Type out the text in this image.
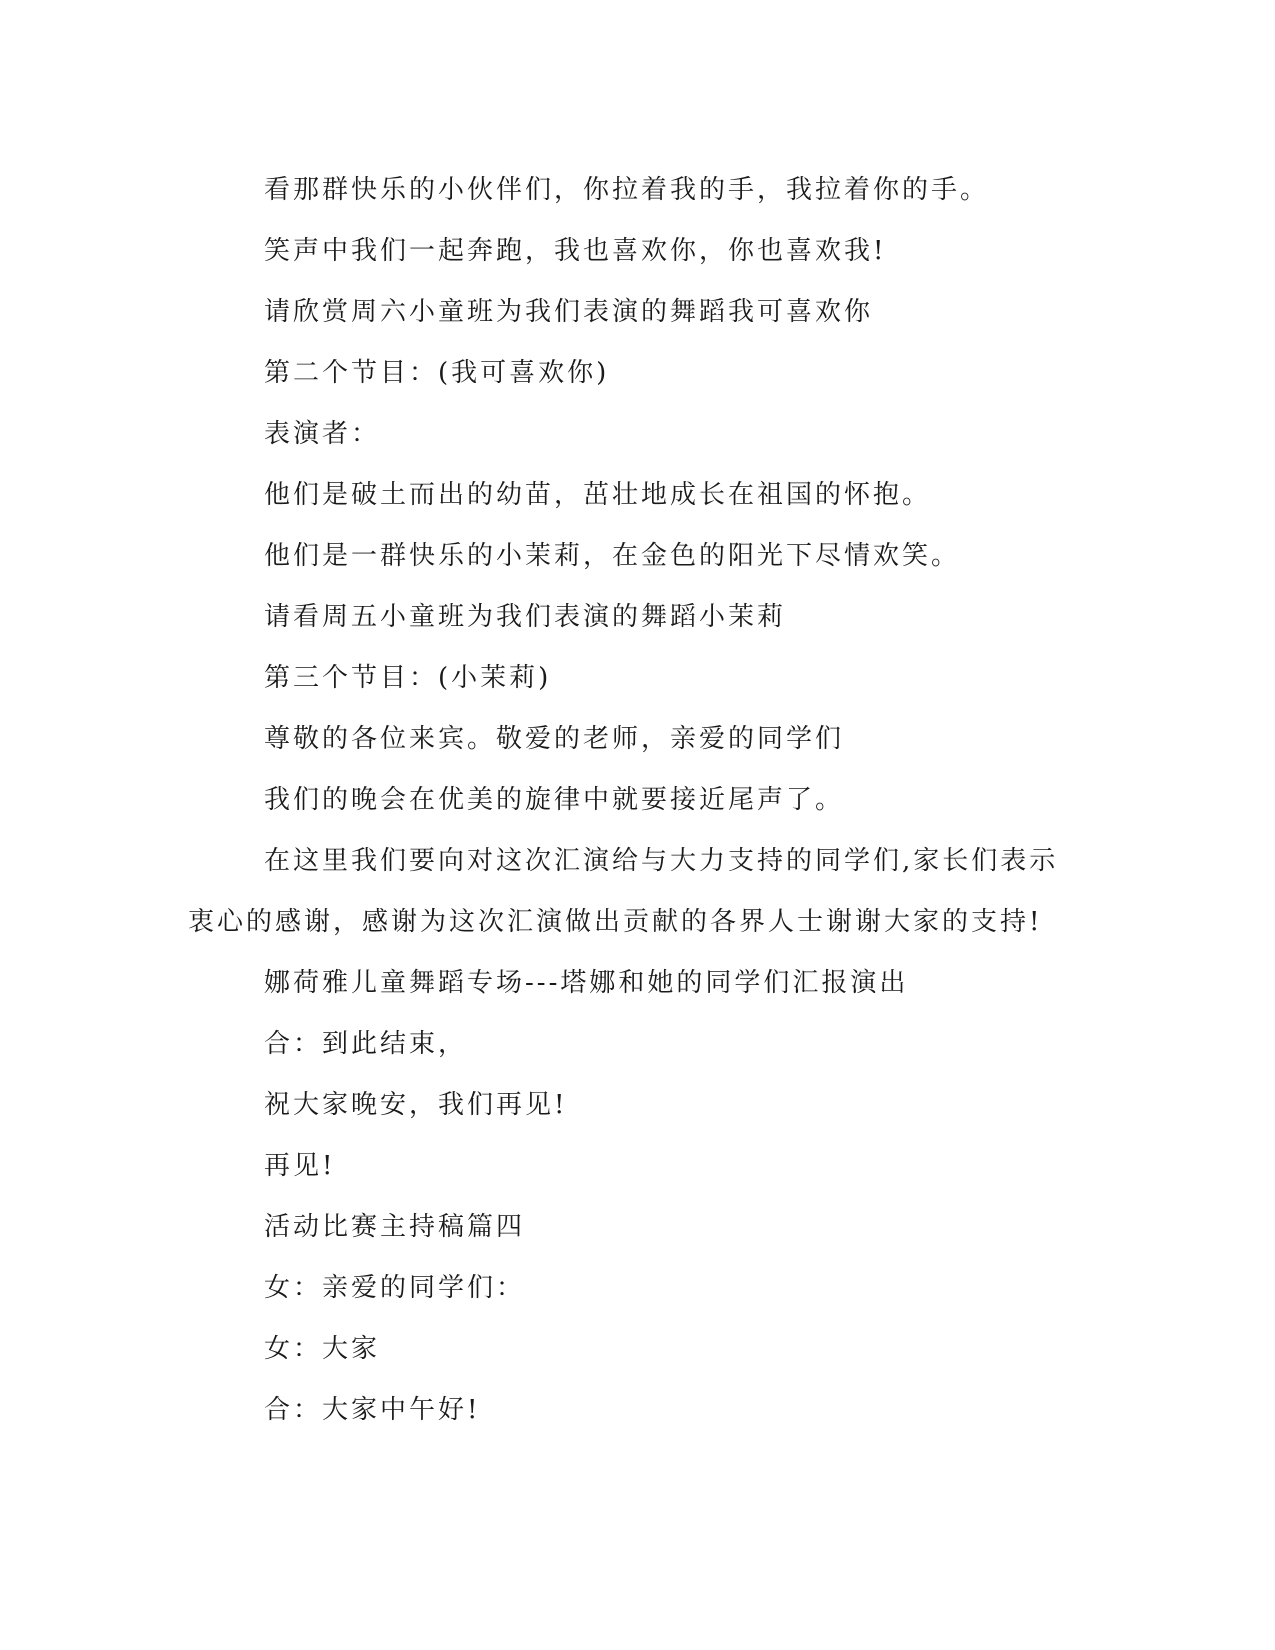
看那群快乐的小伙伴们，你拉着我的手，我拉着你的手。

笑声中我们一起奔跑，我也喜欢你，你也喜欢我!

请欣赏周六小童班为我们表演的舞蹈我可喜欢你

第二个节目：(我可喜欢你)

表演者：

他们是破土而出的幼苗，茁壮地成长在祖国的怀抱。

他们是一群快乐的小茉莉，在金色的阳光下尽情欢笑。

请看周五小童班为我们表演的舞蹈小茉莉

第三个节目：(小茉莉)

尊敬的各位来宾。敬爱的老师，亲爱的同学们

我们的晚会在优美的旋律中就要接近尾声了。

在这里我们要向对这次汇演给与大力支持的同学们,家长们表示衷心的感谢，感谢为这次汇演做出贡献的各界人士谢谢大家的支持!

娜荷雅儿童舞蹈专场---塔娜和她的同学们汇报演出

合：到此结束，

祝大家晚安，我们再见!

再见!

活动比赛主持稿篇四

女：亲爱的同学们：

女：大家

合：大家中午好!
